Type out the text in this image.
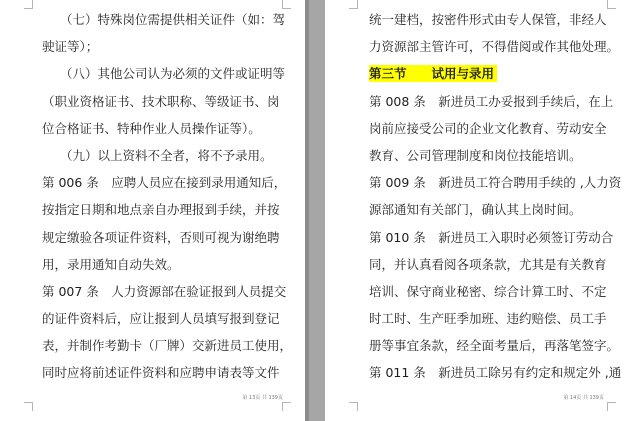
（七）特殊岗位需提供相关证件（如：驾
驶证等）；
（八）其他公司认为必须的文件或证明等
（职业资格证书、技术职称、等级证书、岗
位合格证书、特种作业人员操作证等）。
（九）以上资料不全者，将不予录用。
第 006 条　应聘人员应在接到录用通知后，
按指定日期和地点亲自办理报到手续，并按
规定缴验各项证件资料，否则可视为谢绝聘
用，录用通知自动失效。
第 007 条　人力资源部在验证报到人员提交
的证件资料后，应让报到人员填写报到登记
表，并制作考勤卡（厂牌）交新进员工使用，
同时应将前述证件资料和应聘申请表等文件
第 13页 共 139页
统一建档，按密件形式由专人保管，非经人
力资源部主管许可，不得借阅或作其他处理。
第三节　　试用与录用
第 008 条　新进员工办妥报到手续后，在上
岗前应接受公司的企业文化教育、劳动安全
教育、公司管理制度和岗位技能培训。
第 009 条　新进员工符合聘用手续的 ,人力资
源部通知有关部门，确认其上岗时间。
第 010 条　新进员工入职时必须签订劳动合
同，并认真看阅各项条款，尤其是有关教育
培训、保守商业秘密、综合计算工时、不定
时工时、生产旺季加班、违约赔偿、员工手
册等事宜条款，经全面考量后，再落笔签字。
第 011 条　新进员工除另有约定和规定外 ,通
第 14页 共 139页
